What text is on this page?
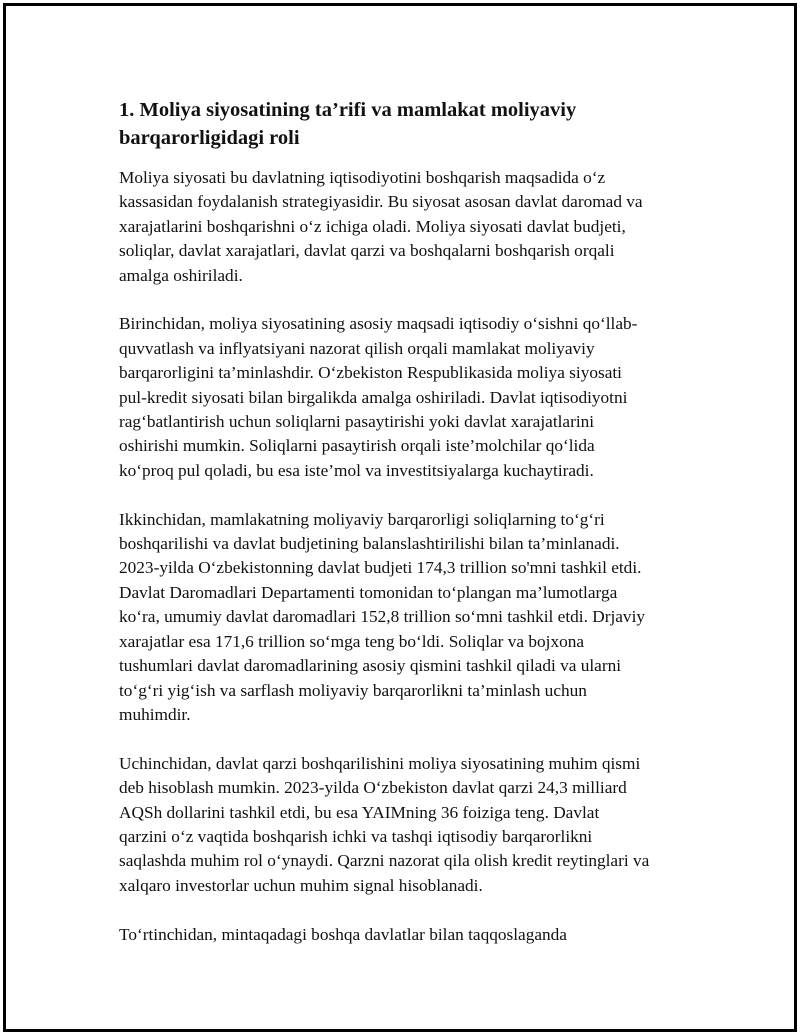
1. Moliya siyosatining ta’rifi va mamlakat moliyaviy
barqarorligidagi roli

Moliya siyosati bu davlatning iqtisodiyotini boshqarish maqsadida o‘z
kassasidan foydalanish strategiyasidir. Bu siyosat asosan davlat daromad va
xarajatlarini boshqarishni o‘z ichiga oladi. Moliya siyosati davlat budjeti,
soliqlar, davlat xarajatlari, davlat qarzi va boshqalarni boshqarish orqali
amalga oshiriladi.

Birinchidan, moliya siyosatining asosiy maqsadi iqtisodiy o‘sishni qo‘llab-
quvvatlash va inflyatsiyani nazorat qilish orqali mamlakat moliyaviy
barqarorligini ta’minlashdir. O‘zbekiston Respublikasida moliya siyosati
pul-kredit siyosati bilan birgalikda amalga oshiriladi. Davlat iqtisodiyotni
rag‘batlantirish uchun soliqlarni pasaytirishi yoki davlat xarajatlarini
oshirishi mumkin. Soliqlarni pasaytirish orqali iste’molchilar qo‘lida
ko‘proq pul qoladi, bu esa iste’mol va investitsiyalarga kuchaytiradi.

Ikkinchidan, mamlakatning moliyaviy barqarorligi soliqlarning to‘g‘ri
boshqarilishi va davlat budjetining balanslashtirilishi bilan ta’minlanadi.
2023-yilda O‘zbekistonning davlat budjeti 174,3 trillion so'mni tashkil etdi.
Davlat Daromadlari Departamenti tomonidan to‘plangan ma’lumotlarga
ko‘ra, umumiy davlat daromadlari 152,8 trillion so‘mni tashkil etdi. Drjaviy
xarajatlar esa 171,6 trillion so‘mga teng bo‘ldi. Soliqlar va bojxona
tushumlari davlat daromadlarining asosiy qismini tashkil qiladi va ularni
to‘g‘ri yig‘ish va sarflash moliyaviy barqarorlikni ta’minlash uchun
muhimdir.

Uchinchidan, davlat qarzi boshqarilishini moliya siyosatining muhim qismi
deb hisoblash mumkin. 2023-yilda O‘zbekiston davlat qarzi 24,3 milliard
AQSh dollarini tashkil etdi, bu esa YAIMning 36 foiziga teng. Davlat
qarzini o‘z vaqtida boshqarish ichki va tashqi iqtisodiy barqarorlikni
saqlashda muhim rol o‘ynaydi. Qarzni nazorat qila olish kredit reytinglari va
xalqaro investorlar uchun muhim signal hisoblanadi.

To‘rtinchidan, mintaqadagi boshqa davlatlar bilan taqqoslaganda
